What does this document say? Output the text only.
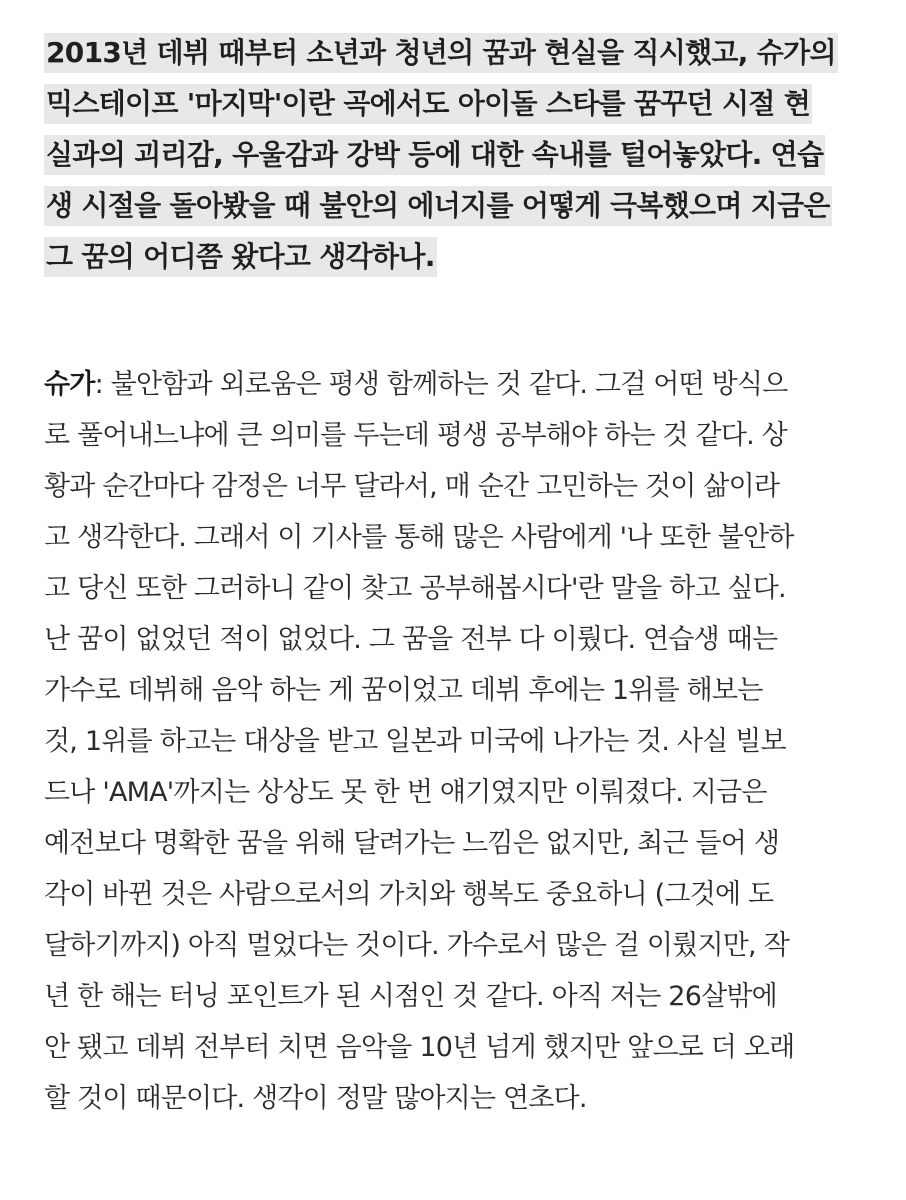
2013년 데뷔 때부터 소년과 청년의 꿈과 현실을 직시했고, 슈가의
믹스테이프 '마지막'이란 곡에서도 아이돌 스타를 꿈꾸던 시절 현
실과의 괴리감, 우울감과 강박 등에 대한 속내를 털어놓았다. 연습
생 시절을 돌아봤을 때 불안의 에너지를 어떻게 극복했으며 지금은
그 꿈의 어디쯤 왔다고 생각하나.
슈가: 불안함과 외로움은 평생 함께하는 것 같다. 그걸 어떤 방식으
로 풀어내느냐에 큰 의미를 두는데 평생 공부해야 하는 것 같다. 상
황과 순간마다 감정은 너무 달라서, 매 순간 고민하는 것이 삶이라
고 생각한다. 그래서 이 기사를 통해 많은 사람에게 '나 또한 불안하
고 당신 또한 그러하니 같이 찾고 공부해봅시다'란 말을 하고 싶다.
난 꿈이 없었던 적이 없었다. 그 꿈을 전부 다 이뤘다. 연습생 때는
가수로 데뷔해 음악 하는 게 꿈이었고 데뷔 후에는 1위를 해보는
것, 1위를 하고는 대상을 받고 일본과 미국에 나가는 것. 사실 빌보
드나 'AMA'까지는 상상도 못 한 번 얘기였지만 이뤄졌다. 지금은
예전보다 명확한 꿈을 위해 달려가는 느낌은 없지만, 최근 들어 생
각이 바뀐 것은 사람으로서의 가치와 행복도 중요하니 (그것에 도
달하기까지) 아직 멀었다는 것이다. 가수로서 많은 걸 이뤘지만, 작
년 한 해는 터닝 포인트가 된 시점인 것 같다. 아직 저는 26살밖에
안 됐고 데뷔 전부터 치면 음악을 10년 넘게 했지만 앞으로 더 오래
할 것이 때문이다. 생각이 정말 많아지는 연초다.
